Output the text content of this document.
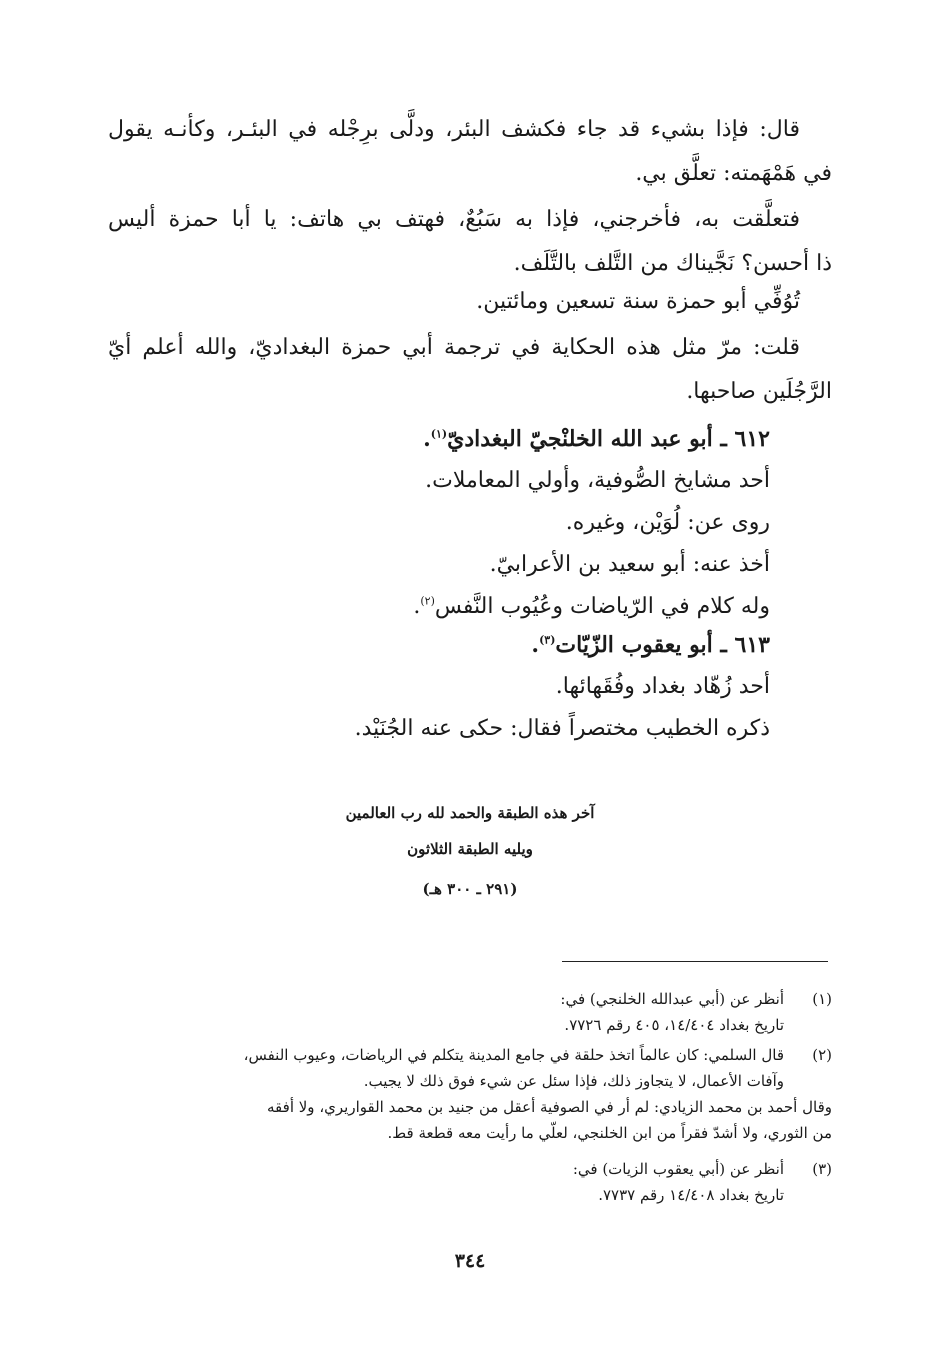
قال: فإذا بشيء قد جاء فكشف البئر، ودلَّى برِجْله في البئـر، وكأنـه يقول
في هَمْهَمته: تعلَّق بي.

فتعلَّقت به، فأخرجني، فإذا به سَبُعٌ، فهتف بي هاتف: يا أبا حمزة أليس
ذا أحسن؟ نَجَّيناك من التَّلف بالتَّلَف.

تُوُفِّي أبو حمزة سنة تسعين ومائتين.

قلت: مرّ مثل هذه الحكاية في ترجمة أبي حمزة البغداديّ، والله أعلم أيّ
الرَّجُلَين صاحبها.

٦١٢ ـ أبو عبد الله الخلنْجيّ البغداديّ$^{(١)}$.
أحد مشايخ الصُّوفية، وأولي المعاملات.
روى عن: لُوَيْن، وغيره.
أخذ عنه: أبو سعيد بن الأعرابيّ.
وله كلام في الرّياضات وعُيُوب النَّفس$^{(٢)}$.
٦١٣ ـ أبو يعقوب الزّيّات$^{(٣)}$.
أحد زُهّاد بغداد وفُقَهائها.
ذكره الخطيب مختصراً فقال: حكى عنه الجُنَيْد.
آخر هذه الطبقة والحمد لله رب العالمين
ويليه الطبقة الثلاثون
(٢٩١ ـ ٣٠٠ هـ)
(١)
أنظر عن (أبي عبدالله الخلنجي) في:
تاريخ بغداد ١٤/٤٠٤، ٤٠٥ رقم ٧٧٢٦.
(٢)
قال السلمي: كان عالماً اتخذ حلقة في جامع المدينة يتكلم في الرياضات، وعيوب النفس،
وآفات الأعمال، لا يتجاوز ذلك، فإذا سئل عن شيء فوق ذلك لا يجيب.
وقال أحمد بن محمد الزيادي: لم أر في الصوفية أعقل من جنيد بن محمد القواريري، ولا أفقه
من الثوري، ولا أشدّ فقراً من ابن الخلنجي، لعلّي ما رأيت معه قطعة قط.
(٣)
أنظر عن (أبي يعقوب الزيات) في:
تاريخ بغداد ١٤/٤٠٨ رقم ٧٧٣٧.
٣٤٤
